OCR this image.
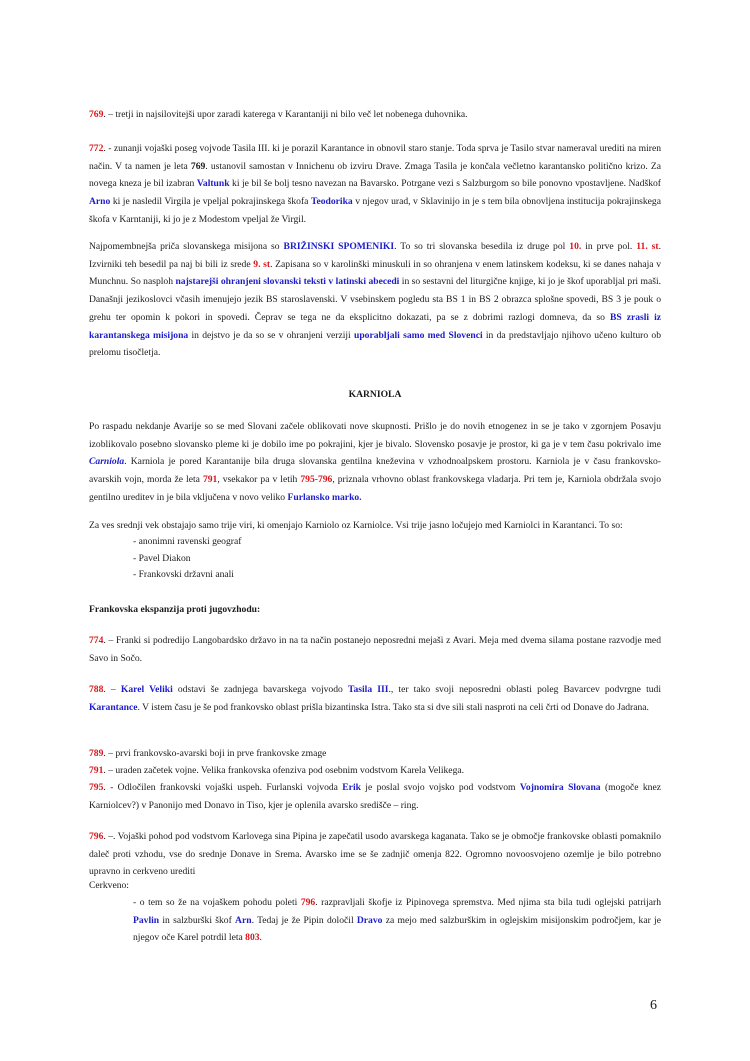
769. – tretji in najsilovitejši upor zaradi katerega v Karantaniji ni bilo več let nobenega duhovnika.

772. - zunanji vojaški poseg vojvode Tasila III. ki je porazil Karantance in obnovil staro stanje. Toda sprva je Tasilo stvar nameraval urediti na miren način. V ta namen je leta 769. ustanovil samostan v Innichenu ob izviru Drave. Zmaga Tasila je končala večletno karantansko politično krizo. Za novega kneza je bil izabran Valtunk ki je bil še bolj tesno navezan na Bavarsko. Potrgane vezi s Salzburgom so bile ponovno vpostavljene. Nadškof Arno ki je nasledil Virgila je vpeljal pokrajinskega škofa Teodorika v njegov urad, v Sklavinijo in je s tem bila obnovljena institucija pokrajinskega škofa v Karntaniji, ki jo je z Modestom vpeljal že Virgil.

Najpomembnejša priča slovanskega misijona so BRIŽINSKI SPOMENIKI. To so tri slovanska besedila iz druge pol 10. in prve pol. 11. st. Izvirniki teh besedil pa naj bi bili iz srede 9. st. Zapisana so v karolinški minuskuli in so ohranjena v enem latinskem kodeksu, ki se danes nahaja v Munchnu. So nasploh najstarejši ohranjeni slovanski teksti v latinski abecedi in so sestavni del liturgične knjige, ki jo je škof uporabljal pri maši. Današnji jezikoslovci včasih imenujejo jezik BS staroslavenski. V vsebinskem pogledu sta BS 1 in BS 2 obrazca splošne spovedi, BS 3 je pouk o grehu ter opomin k pokori in spovedi. Čeprav se tega ne da eksplicitno dokazati, pa se z dobrimi razlogi domneva, da so BS zrasli iz karantanskega misijona in dejstvo je da so se v ohranjeni verziji uporabljali samo med Slovenci in da predstavljajo njihovo učeno kulturo ob prelomu tisočletja.

KARNIOLA

Po raspadu nekdanje Avarije so se med Slovani začele oblikovati nove skupnosti. Prišlo je do novih etnogenez in se je tako v zgornjem Posavju izoblikovalo posebno slovansko pleme ki je dobilo ime po pokrajini, kjer je bivalo. Slovensko posavje je prostor, ki ga je v tem času pokrivalo ime Carniola. Karniola je pored Karantanije bila druga slovanska gentilna kneževina v vzhodnoalpskem prostoru. Karniola je v času frankovsko-avarskih vojn, morda že leta 791, vsekakor pa v letih 795-796, priznala vrhovno oblast frankovskega vladarja. Pri tem je, Karniola obdržala svojo gentilno ureditev in je bila vključena v novo veliko Furlansko marko.

Za ves srednji vek obstajajo samo trije viri, ki omenjajo Karniolo oz Karniolce. Vsi trije jasno ločujejo med Karniolci in Karantanci. To so:

- anonimni ravenski geograf
- Pavel Diakon
- Frankovski državni anali
Frankovska ekspanzija proti jugovzhodu:

774. – Franki si podredijo Langobardsko državo in na ta način postanejo neposredni mejaši z Avari. Meja med dvema silama postane razvodje med Savo in Sočo.

788. – Karel Veliki odstavi še zadnjega bavarskega vojvodo Tasila III., ter tako svoji neposredni oblasti poleg Bavarcev podvrgne tudi Karantance. V istem času je še pod frankovsko oblast prišla bizantinska Istra. Tako sta si dve sili stali nasproti na celi črti od Donave do Jadrana.

789. – prvi frankovsko-avarski boji in prve frankovske zmage

791. – uraden začetek vojne. Velika frankovska ofenziva pod osebnim vodstvom Karela Velikega.

795. - Odločilen frankovski vojaški uspeh. Furlanski vojvoda Erik je poslal svojo vojsko pod vodstvom Vojnomira Slovana (mogoče knez Karniolcev?) v Panonijo med Donavo in Tiso, kjer je oplenila avarsko središče – ring.

796. –. Vojaški pohod pod vodstvom Karlovega sina Pipina je zapečatil usodo avarskega kaganata. Tako se je območje frankovske oblasti pomaknilo daleč proti vzhodu, vse do srednje Donave in Srema. Avarsko ime se še zadnjič omenja 822. Ogromno novoosvojeno ozemlje je bilo potrebno upravno in cerkveno urediti

Cerkveno:

- o tem so že na vojaškem pohodu poleti 796. razpravljali škofje iz Pipinovega spremstva. Med njima sta bila tudi oglejski patrijarh Pavlin in salzburški škof Arn. Tedaj je že Pipin določil Dravo za mejo med salzburškim in oglejskim misijonskim področjem, kar je njegov oče Karel potrdil leta 803.

6
